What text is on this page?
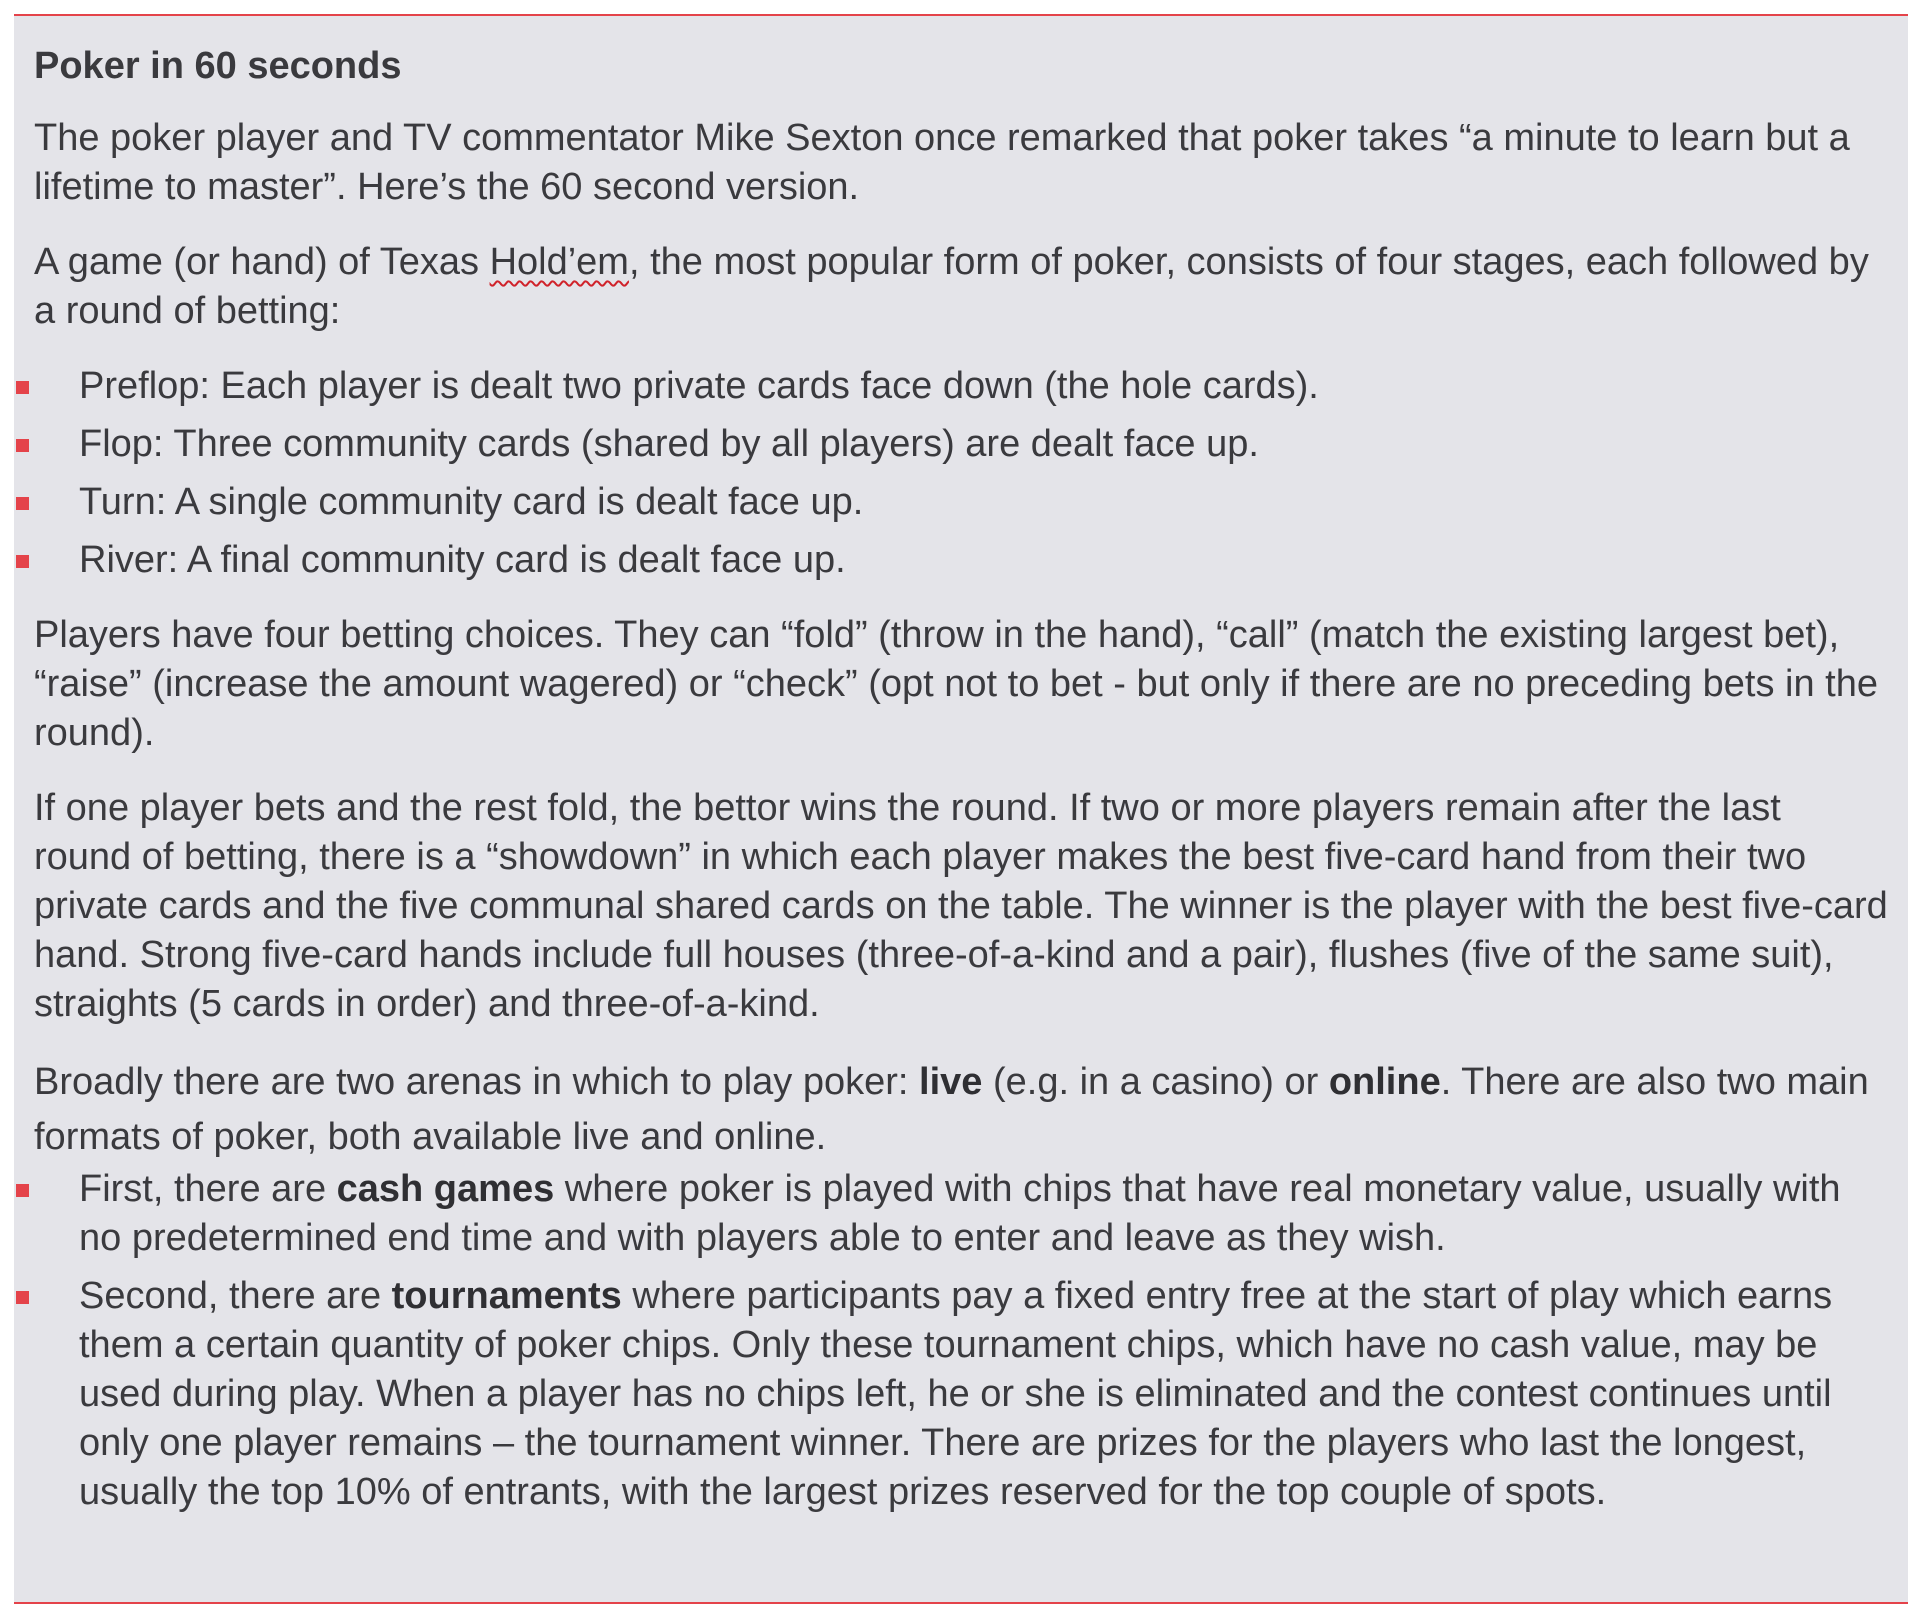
Poker in 60 seconds

The poker player and TV commentator Mike Sexton once remarked that poker takes “a minute to learn but a lifetime to master”. Here’s the 60 second version.

A game (or hand) of Texas Hold’em, the most popular form of poker, consists of four stages, each followed by a round of betting:

Preflop: Each player is dealt two private cards face down (the hole cards).
Flop: Three community cards (shared by all players) are dealt face up.
Turn: A single community card is dealt face up.
River: A final community card is dealt face up.

Players have four betting choices. They can “fold” (throw in the hand), “call” (match the existing largest bet), “raise” (increase the amount wagered) or “check” (opt not to bet - but only if there are no preceding bets in the round).

If one player bets and the rest fold, the bettor wins the round. If two or more players remain after the last round of betting, there is a “showdown” in which each player makes the best five-card hand from their two private cards and the five communal shared cards on the table. The winner is the player with the best five-card hand. Strong five-card hands include full houses (three-of-a-kind and a pair), flushes (five of the same suit), straights (5 cards in order) and three-of-a-kind.

Broadly there are two arenas in which to play poker: live (e.g. in a casino) or online. There are also two main formats of poker, both available live and online.

First, there are cash games where poker is played with chips that have real monetary value, usually with no predetermined end time and with players able to enter and leave as they wish.
Second, there are tournaments where participants pay a fixed entry free at the start of play which earns them a certain quantity of poker chips. Only these tournament chips, which have no cash value, may be used during play. When a player has no chips left, he or she is eliminated and the contest continues until only one player remains – the tournament winner. There are prizes for the players who last the longest, usually the top 10% of entrants, with the largest prizes reserved for the top couple of spots.
